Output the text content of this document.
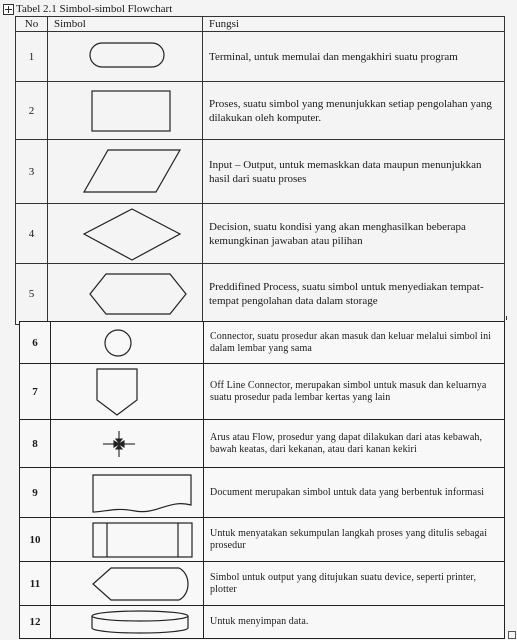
Tabel 2.1 Simbol-simbol Flowchart
No	Simbol	Fungsi
1		Terminal, untuk memulai dan mengakhiri suatu program
2		Proses, suatu simbol yang menunjukkan setiap pengolahan yang dilakukan oleh komputer.
3		Input – Output, untuk memaskkan data maupun menunjukkan hasil dari suatu proses
4		Decision, suatu kondisi yang akan menghasilkan beberapa kemungkinan jawaban atau pilihan
5		Preddifined Process, suatu simbol untuk menyediakan tempat-tempat pengolahan data dalam storage
6		Connector, suatu prosedur akan masuk dan keluar melalui simbol ini dalam lembar yang sama
7		Off Line Connector, merupakan simbol untuk masuk dan keluarnya suatu prosedur pada lembar kertas yang lain
8		Arus atau Flow, prosedur yang dapat dilakukan dari atas kebawah, bawah keatas, dari kekanan, atau dari kanan kekiri
9		Document merupakan simbol untuk data yang berbentuk informasi
10		Untuk menyatakan sekumpulan langkah proses yang ditulis sebagai prosedur
11		Simbol untuk output yang ditujukan suatu device, seperti printer, plotter
12		Untuk menyimpan data.
